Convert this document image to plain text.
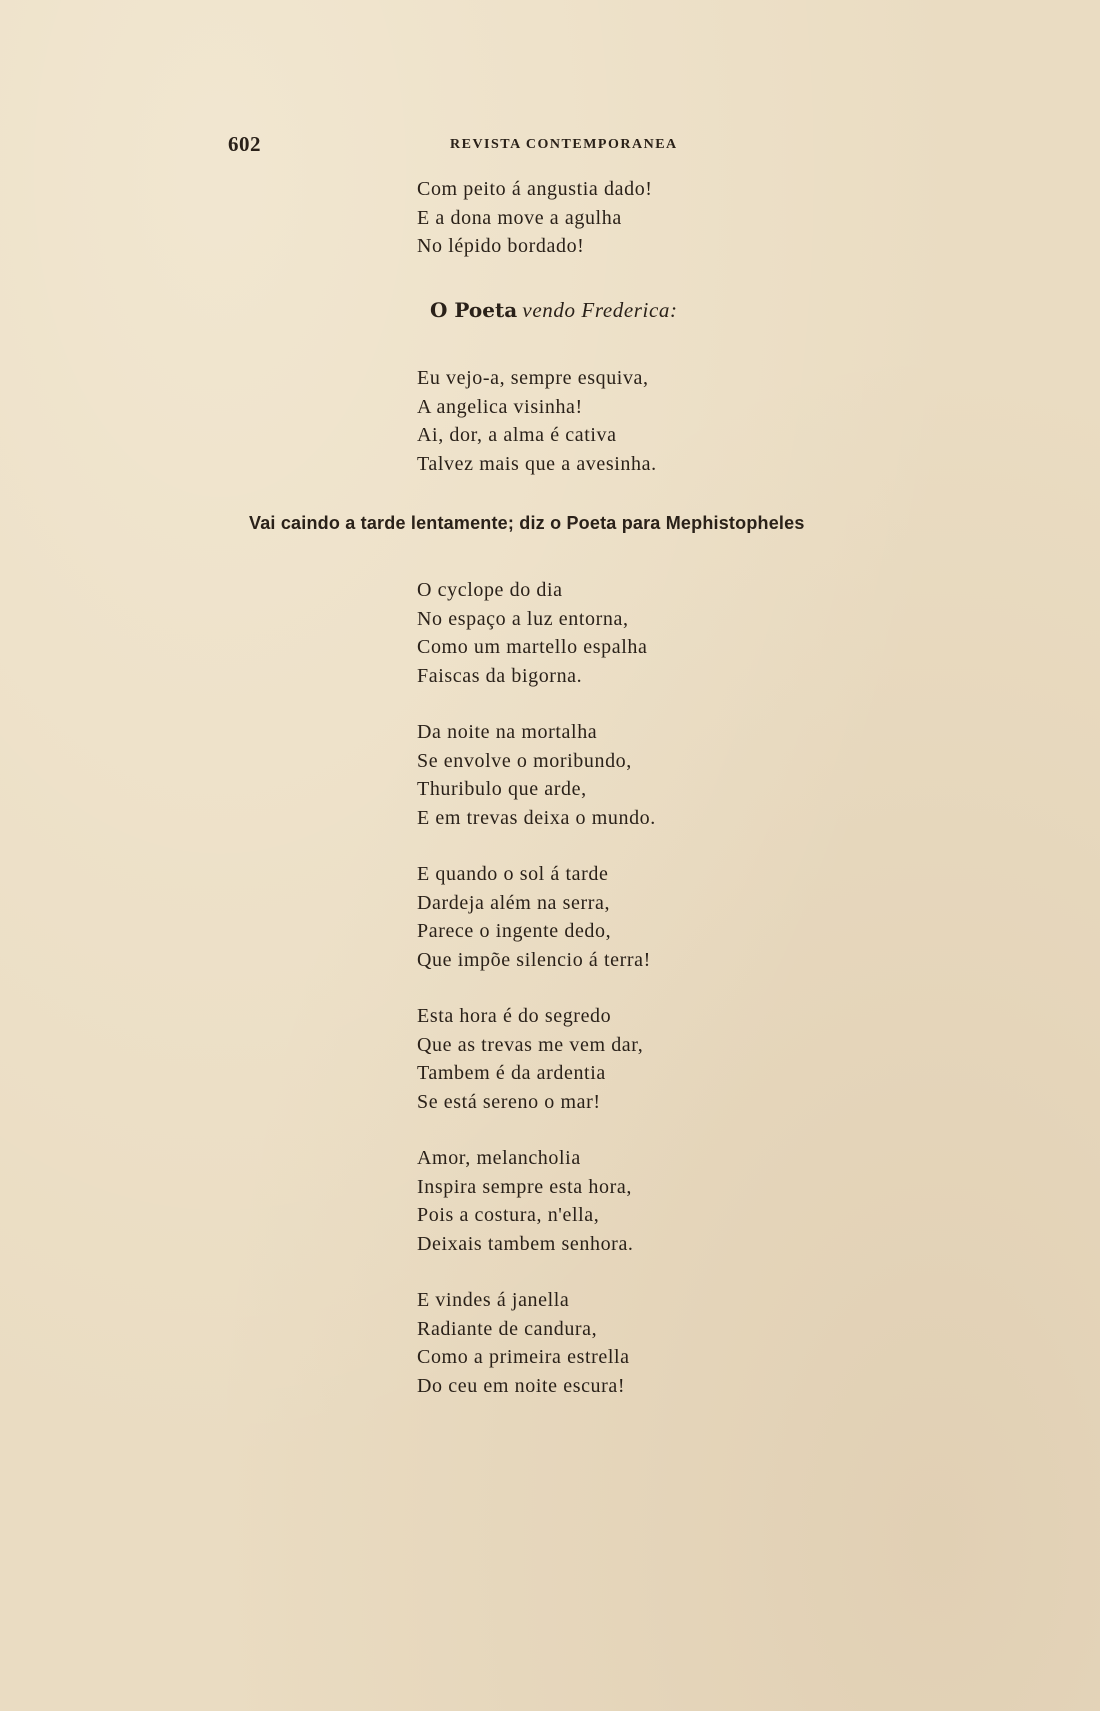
602	REVISTA CONTEMPORANEA
Com peito á angustia dado!
E a dona move a agulha
No lépido bordado!
O Poeta vendo Frederica:
Eu vejo-a, sempre esquiva,
A angelica visinha!
Ai, dor, a alma é cativa
Talvez mais que a avesinha.
Vai caindo a tarde lentamente; diz o Poeta para Mephistopheles
O cyclope do dia
No espaço a luz entorna,
Como um martello espalha
Faiscas da bigorna.
Da noite na mortalha
Se envolve o moribundo,
Thuribulo que arde,
E em trevas deixa o mundo.
E quando o sol á tarde
Dardeja além na serra,
Parece o ingente dedo,
Que impõe silencio á terra!
Esta hora é do segredo
Que as trevas me vem dar,
Tambem é da ardentia
Se está sereno o mar!
Amor, melancholia
Inspira sempre esta hora,
Pois a costura, n'ella,
Deixais tambem senhora.
E vindes á janella
Radiante de candura,
Como a primeira estrella
Do ceu em noite escura!
